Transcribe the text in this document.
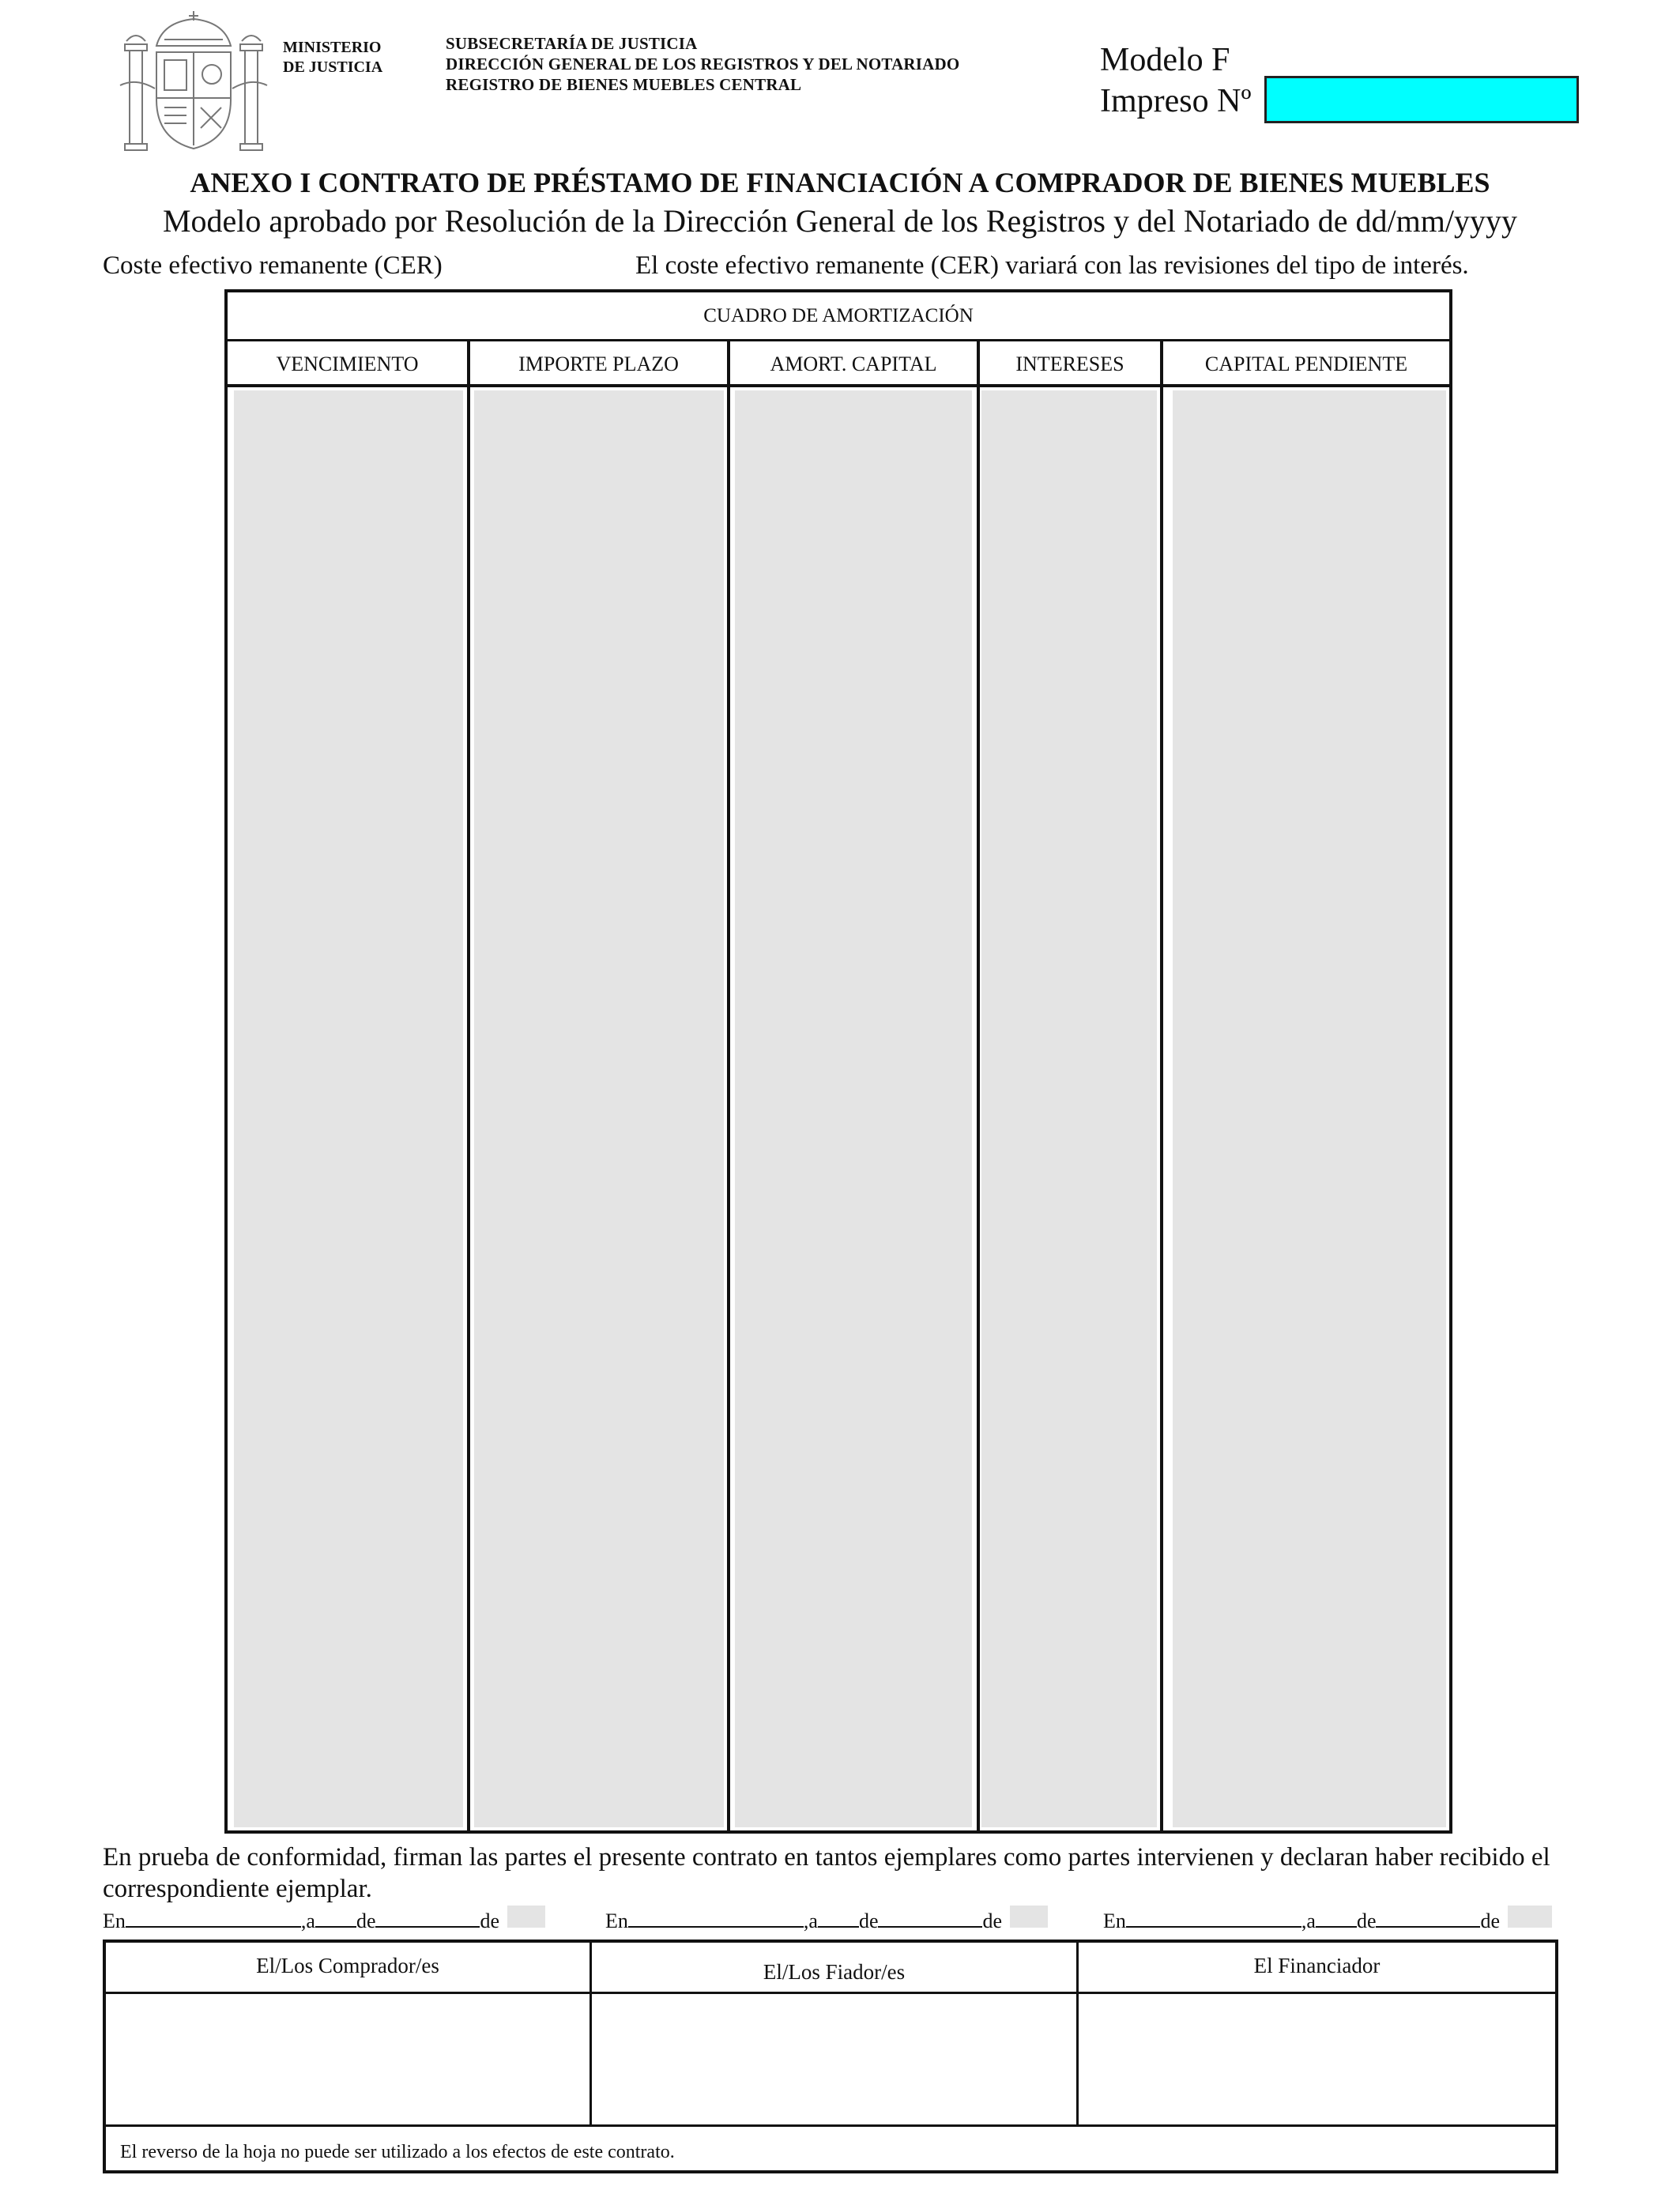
MINISTERIO
DE JUSTICIA
SUBSECRETARÍA DE JUSTICIA
DIRECCIÓN GENERAL DE LOS REGISTROS Y DEL NOTARIADO
REGISTRO DE BIENES MUEBLES CENTRAL
Modelo F
Impreso Nº
ANEXO I CONTRATO DE PRÉSTAMO DE FINANCIACIÓN A COMPRADOR DE BIENES MUEBLES
Modelo aprobado por Resolución de la Dirección General de los Registros y del Notariado de dd/mm/yyyy
Coste efectivo remanente (CER)	El coste efectivo remanente (CER) variará con las revisiones del tipo de interés.
CUADRO DE AMORTIZACIÓN
VENCIMIENTO	IMPORTE PLAZO	AMORT. CAPITAL	INTERESES	CAPITAL PENDIENTE
En prueba de conformidad, firman las partes el presente contrato en tantos ejemplares como partes intervienen y declaran haber recibido el correspondiente ejemplar.
En	,a de	de	En	,a de	de	En	,a de	de
El/Los Comprador/es	El/Los Fiador/es	El Financiador
El reverso de la hoja no puede ser utilizado a los efectos de este contrato.
